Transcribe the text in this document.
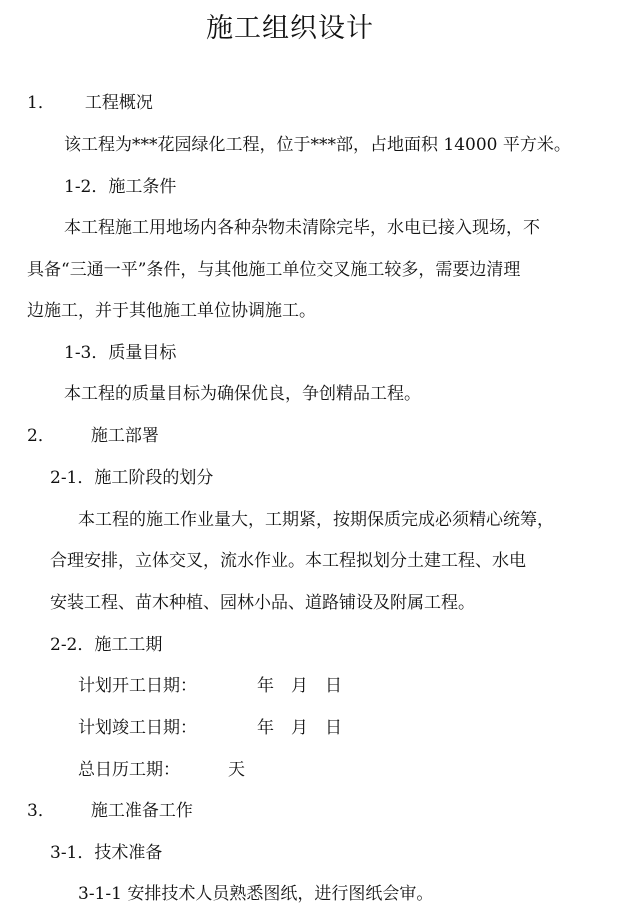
施工组织设计
1． 工程概况
该工程为***花园绿化工程，位于***部，占地面积 14000 平方米。
1-2．施工条件
本工程施工用地场内各种杂物未清除完毕，水电已接入现场，不
具备“三通一平”条件，与其他施工单位交叉施工较多，需要边清理
边施工，并于其他施工单位协调施工。
1-3．质量目标
本工程的质量目标为确保优良，争创精品工程。
2． 施工部署
2-1．施工阶段的划分
本工程的施工作业量大，工期紧，按期保质完成必须精心统筹，
合理安排，立体交叉，流水作业。本工程拟划分土建工程、水电
安装工程、苗木种植、园林小品、道路铺设及附属工程。
2-2．施工工期
计划开工日期：	年　月　日
计划竣工日期：	年　月　日
总日历工期：	天
3． 施工准备工作
3-1．技术准备
3-1-1 安排技术人员熟悉图纸，进行图纸会审。
